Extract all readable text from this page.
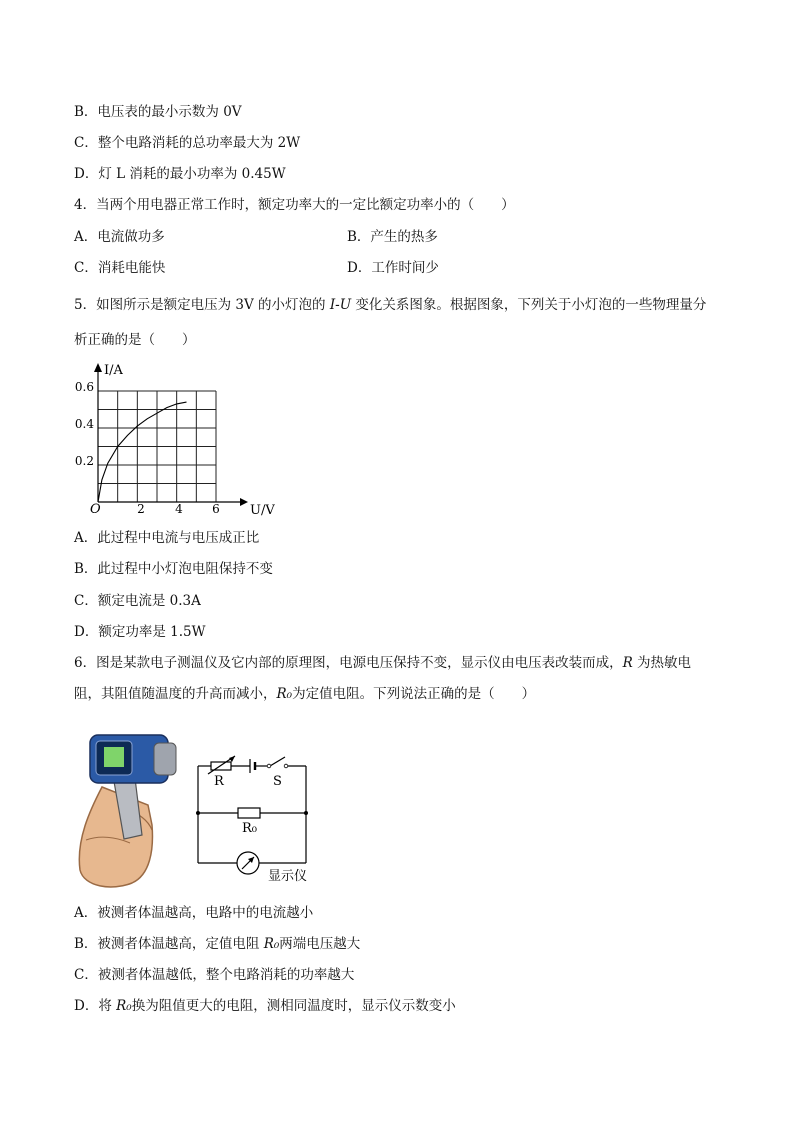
B．电压表的最小示数为 0V
C．整个电路消耗的总功率最大为 2W
D．灯 L 消耗的最小功率为 0.45W
4．当两个用电器正常工作时，额定功率大的一定比额定功率小的（　　）
A．电流做功多	B．产生的热多
C．消耗电能快	D．工作时间少
5．如图所示是额定电压为 3V 的小灯泡的 I-U 变化关系图象。根据图象，下列关于小灯泡的一些物理量分
析正确的是（　　）
I/A
U/V
O	2	4 6
0.2
0.4
0.6
A．此过程中电流与电压成正比
B．此过程中小灯泡电阻保持不变
C．额定电流是 0.3A
D．额定功率是 1.5W
6．图是某款电子测温仪及它内部的原理图，电源电压保持不变，显示仪由电压表改装而成，R 为热敏电
阻，其阻值随温度的升高而减小，R₀为定值电阻。下列说法正确的是（　　）
R	S
R₀
显示仪
A．被测者体温越高，电路中的电流越小
B．被测者体温越高，定值电阻 R₀两端电压越大
C．被测者体温越低，整个电路消耗的功率越大
D．将 R₀换为阻值更大的电阻，测相同温度时，显示仪示数变小
